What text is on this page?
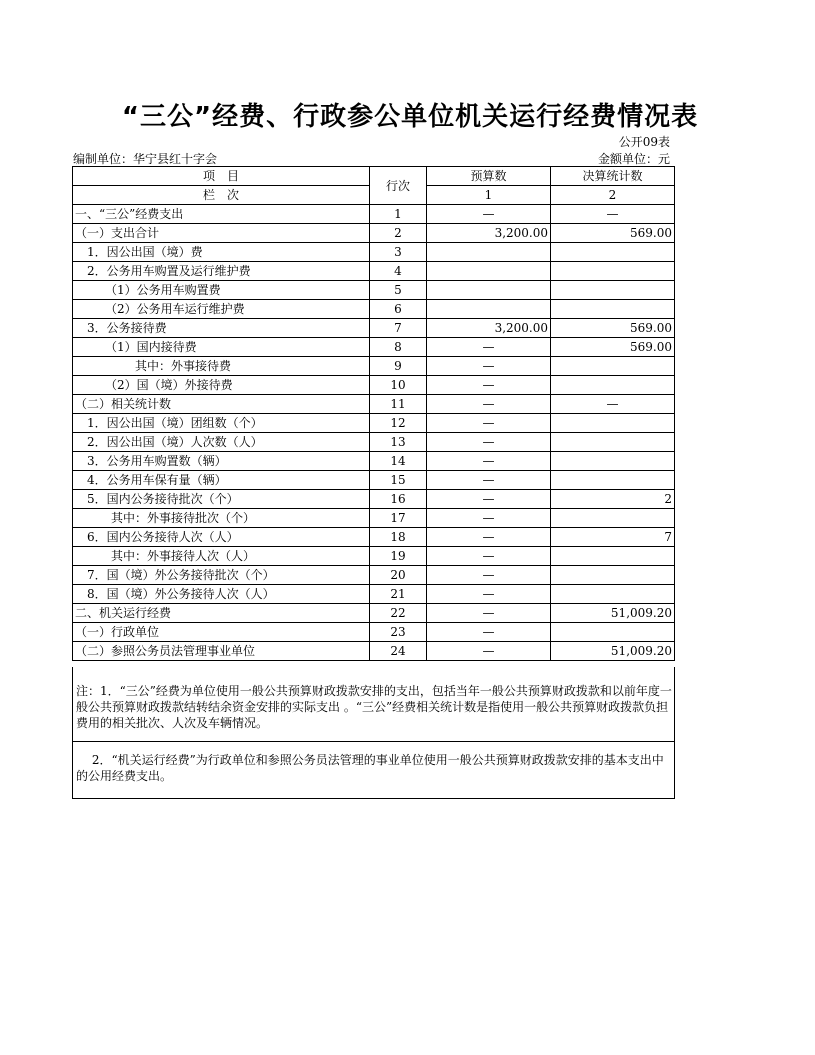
“三公”经费、行政参公单位机关运行经费情况表
公开09表
编制单位：华宁县红十字会	金额单位：元
项　目	行次	预算数	决算统计数
栏　次		1	2
一、“三公”经费支出	1	—	—
（一）支出合计	2	3,200.00	569.00
　1．因公出国（境）费	3		
　2．公务用车购置及运行维护费	4		
　　　（1）公务用车购置费	5		
　　　（2）公务用车运行维护费	6		
　3．公务接待费	7	3,200.00	569.00
　　　（1）国内接待费	8	—	569.00
　　　　　其中：外事接待费	9	—	
　　　（2）国（境）外接待费	10	—	
（二）相关统计数	11	—	—
　1．因公出国（境）团组数（个）	12	—	
　2．因公出国（境）人次数（人）	13	—	
　3．公务用车购置数（辆）	14	—	
　4．公务用车保有量（辆）	15	—	
　5．国内公务接待批次（个）	16	—	2
　　　其中：外事接待批次（个）	17	—	
　6．国内公务接待人次（人）	18	—	7
　　　其中：外事接待人次（人）	19	—	
　7．国（境）外公务接待批次（个）	20	—	
　8．国（境）外公务接待人次（人）	21	—	
二、机关运行经费	22	—	51,009.20
（一）行政单位	23	—	
（二）参照公务员法管理事业单位	24	—	51,009.20
注：1．“三公”经费为单位使用一般公共预算财政拨款安排的支出，包括当年一般公共预算财政拨款和以前年度一般公共预算财政拨款结转结余资金安排的实际支出 。“三公”经费相关统计数是指使用一般公共预算财政拨款负担费用的相关批次、人次及车辆情况。
　 2．“机关运行经费”为行政单位和参照公务员法管理的事业单位使用一般公共预算财政拨款安排的基本支出中的公用经费支出。
